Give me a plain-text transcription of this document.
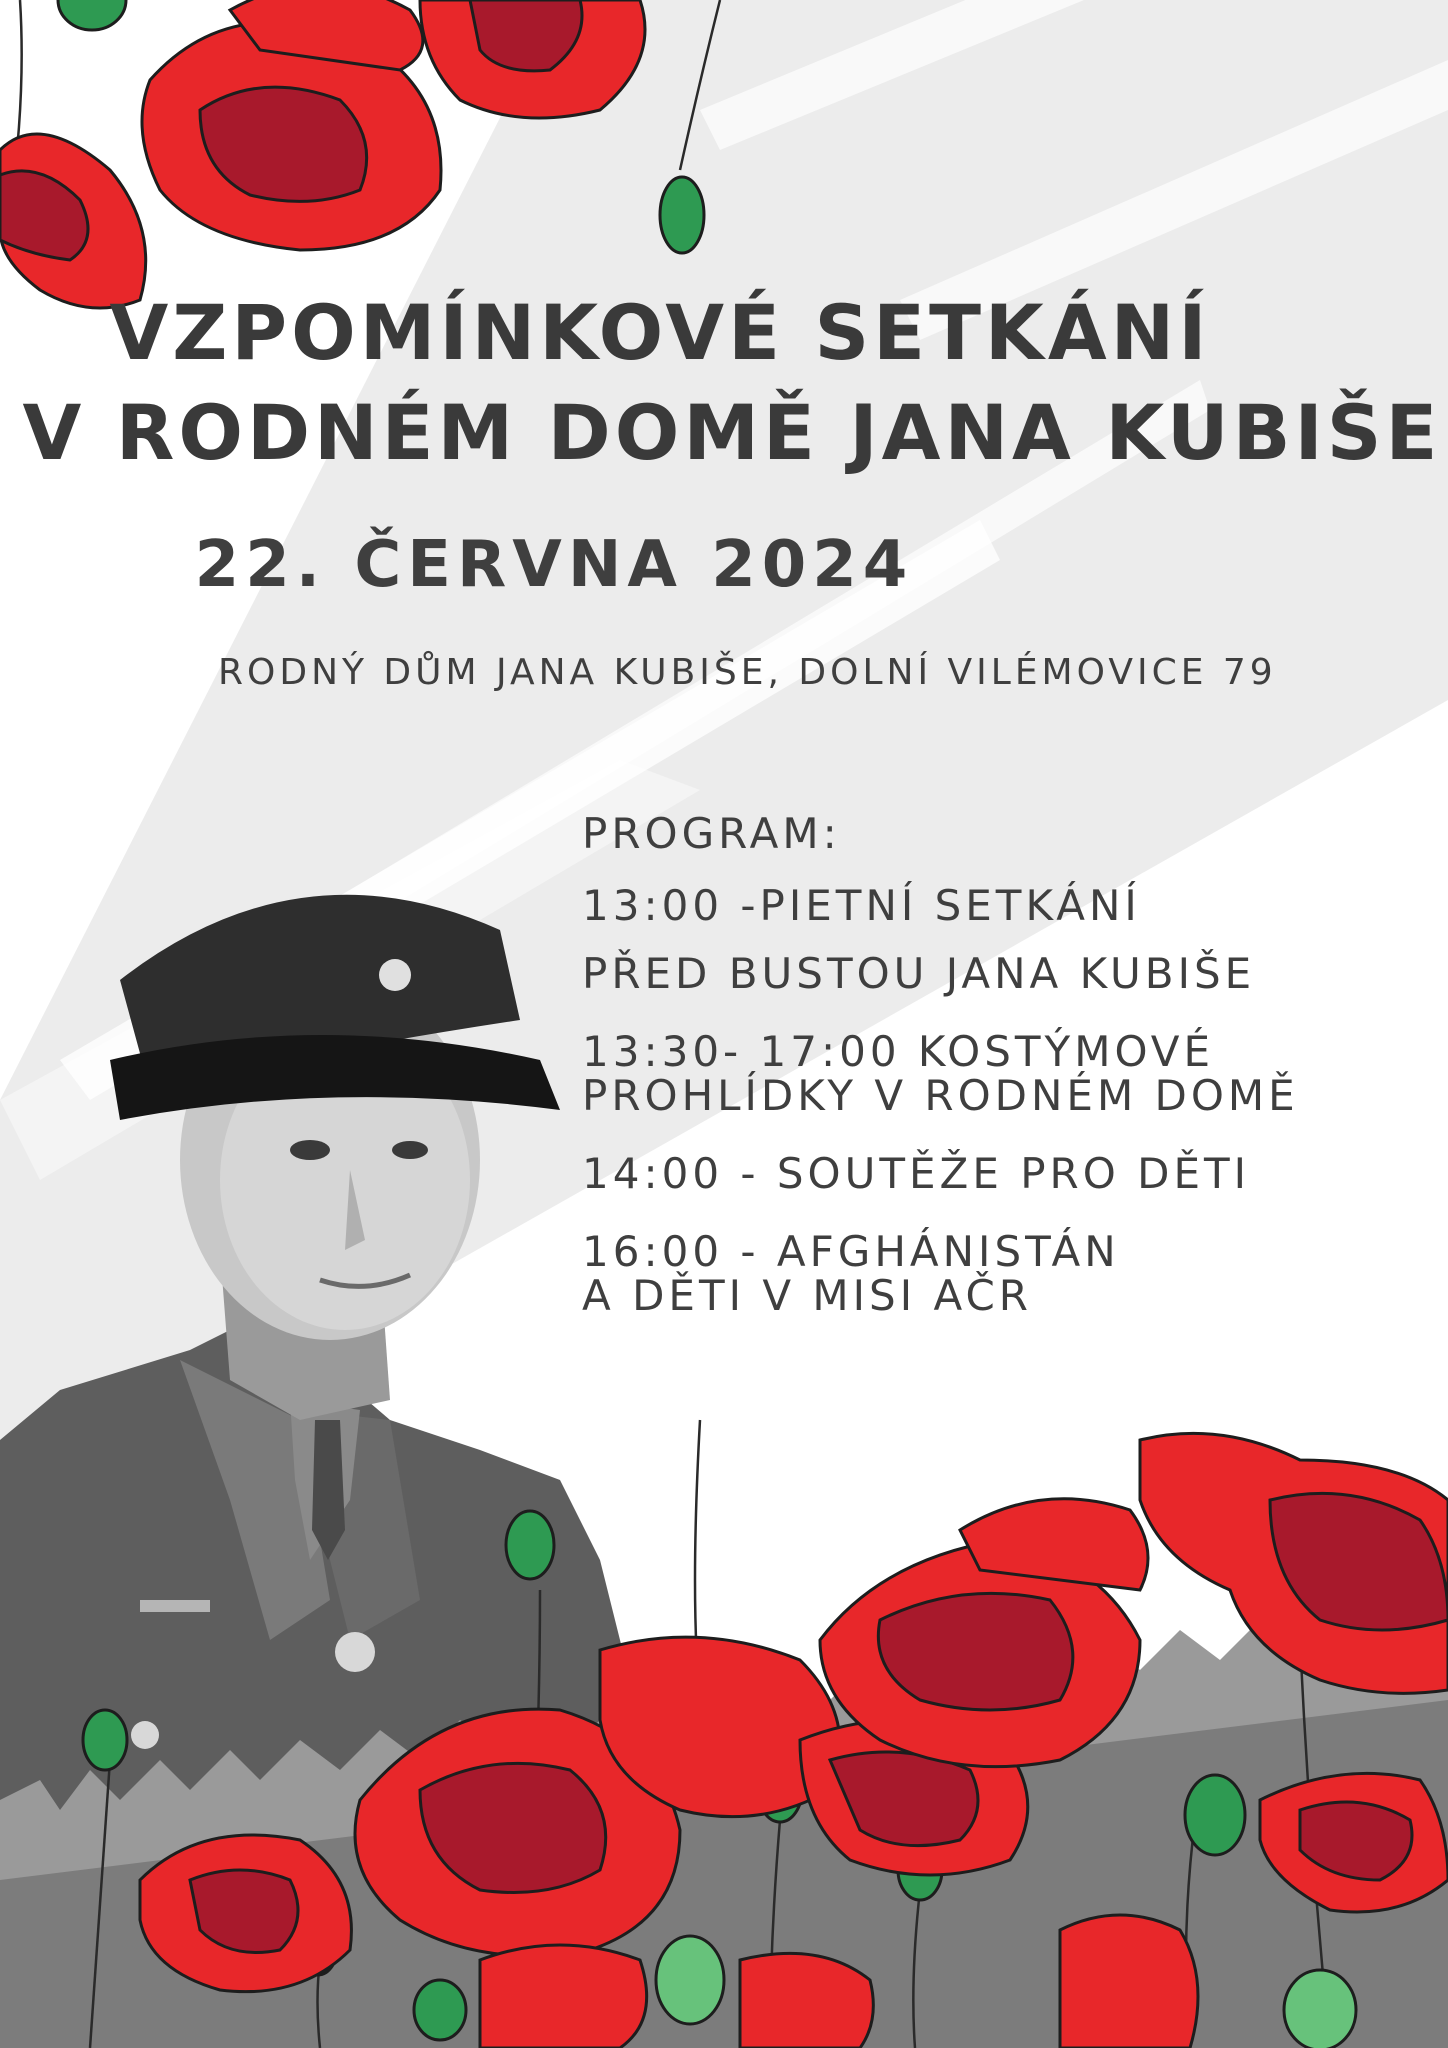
VZPOMÍNKOVÉ SETKÁNÍ
V RODNÉM DOMĚ JANA KUBIŠE
22. ČERVNA 2024
RODNÝ DŮM JANA KUBIŠE, DOLNÍ VILÉMOVICE 79
PROGRAM:
13:00 -PIETNÍ SETKÁNÍ
PŘED BUSTOU JANA KUBIŠE
13:30- 17:00 KOSTÝMOVÉ
PROHLÍDKY V RODNÉM DOMĚ
14:00 - SOUTĚŽE PRO DĚTI
16:00 - AFGHÁNISTÁN
A DĚTI V MISI AČR
